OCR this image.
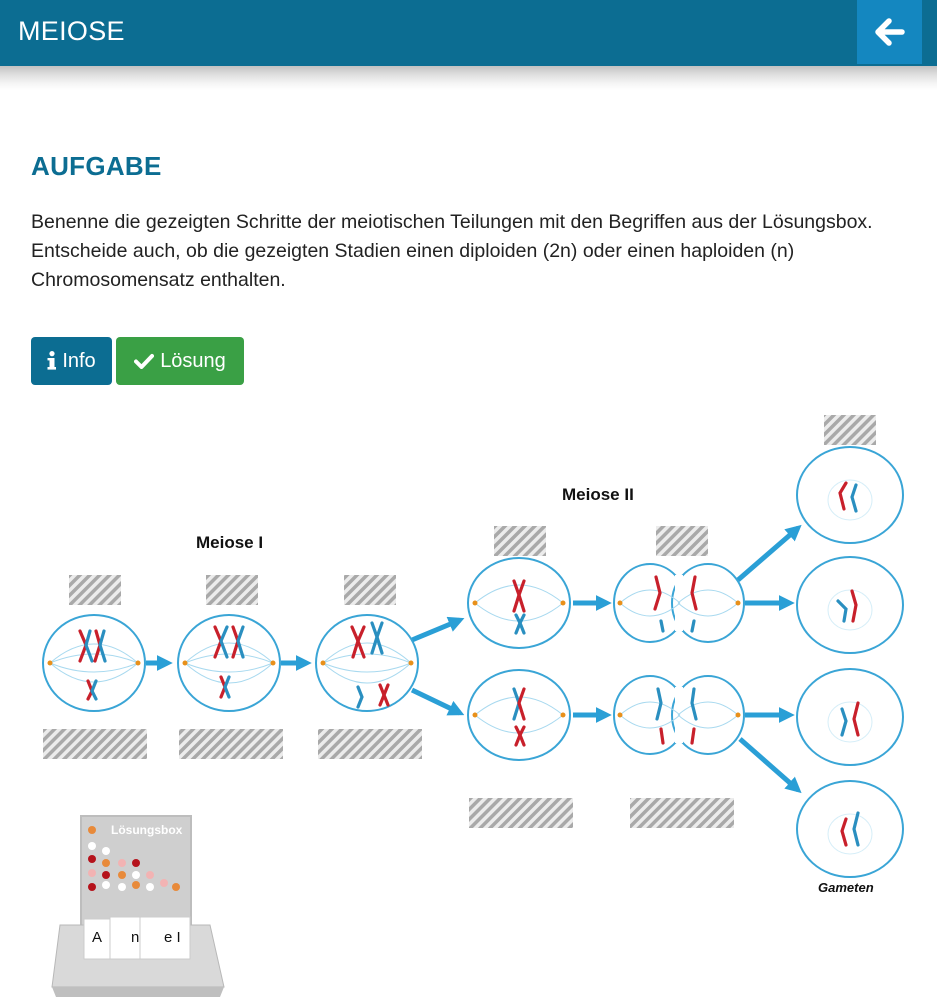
MEIOSE
AUFGABE

Benenne die gezeigten Schritte der meiotischen Teilungen mit den Begriffen aus der Lösungsbox.

Entscheide auch, ob die gezeigten Stadien einen diploiden (2n) oder einen haploiden (n) Chromosomensatz enthalten.

Info	Lösung
Meiose I
Meiose II
Gameten
Lösungsbox
A n e I
